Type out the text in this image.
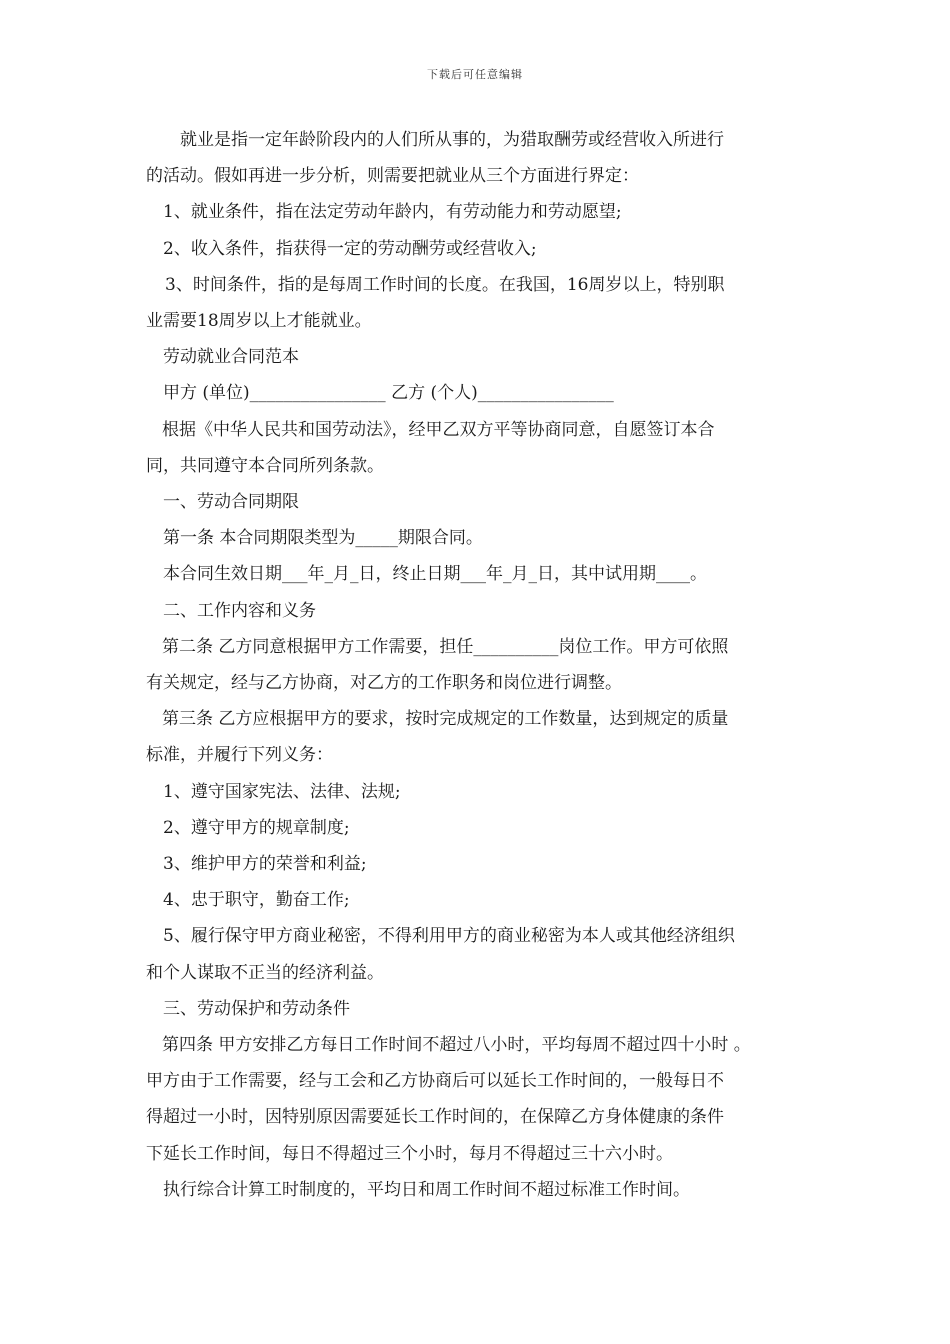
下载后可任意编辑
就业是指一定年龄阶段内的人们所从事的，为猎取酬劳或经营收入所进行
的活动。假如再进一步分析，则需要把就业从三个方面进行界定：
1、就业条件，指在法定劳动年龄内，有劳动能力和劳动愿望;
2、收入条件，指获得一定的劳动酬劳或经营收入;
3、时间条件，指的是每周工作时间的长度。在我国，16周岁以上，特别职
业需要18周岁以上才能就业。
劳动就业合同范本
甲方 (单位)________________ 乙方 (个人)________________
根据《中华人民共和国劳动法》，经甲乙双方平等协商同意，自愿签订本合
同，共同遵守本合同所列条款。
一、劳动合同期限
第一条 本合同期限类型为_____期限合同。
本合同生效日期___年_月_日，终止日期___年_月_日，其中试用期____。
二、工作内容和义务
第二条 乙方同意根据甲方工作需要，担任__________岗位工作。甲方可依照
有关规定，经与乙方协商，对乙方的工作职务和岗位进行调整。
第三条 乙方应根据甲方的要求，按时完成规定的工作数量，达到规定的质量
标准，并履行下列义务：
1、遵守国家宪法、法律、法规;
2、遵守甲方的规章制度;
3、维护甲方的荣誉和利益;
4、忠于职守，勤奋工作;
5、履行保守甲方商业秘密，不得利用甲方的商业秘密为本人或其他经济组织
和个人谋取不正当的经济利益。
三、劳动保护和劳动条件
第四条 甲方安排乙方每日工作时间不超过八小时，平均每周不超过四十小时 。
甲方由于工作需要，经与工会和乙方协商后可以延长工作时间的，一般每日不
得超过一小时，因特别原因需要延长工作时间的，在保障乙方身体健康的条件
下延长工作时间，每日不得超过三个小时，每月不得超过三十六小时。
执行综合计算工时制度的，平均日和周工作时间不超过标准工作时间。
